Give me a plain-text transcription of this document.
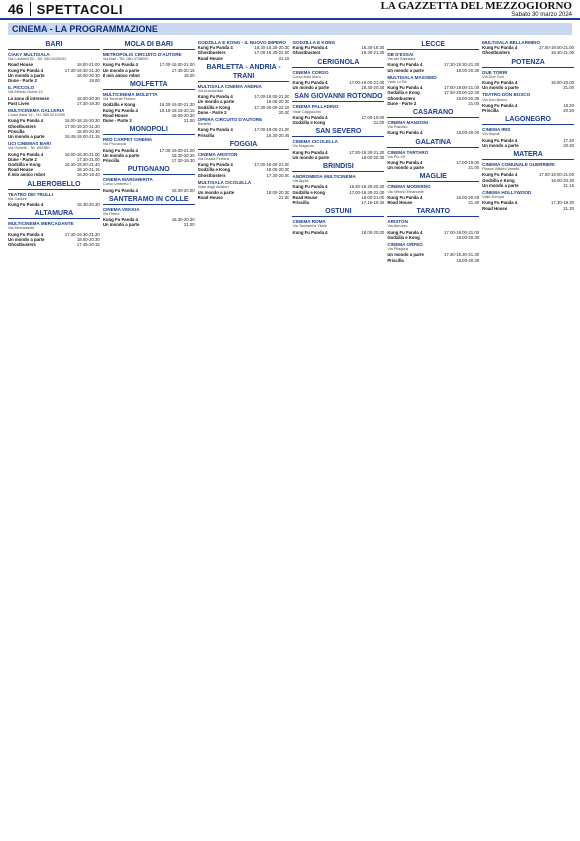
46 SPETTACOLI	LA GAZZETTA DEL MEZZOGIORNO
Sabato 30 marzo 2024
CINEMA - LA PROGRAMMAZIONE
BARI
CIAKY MULTISALA
Via Lucarelli 52 - Tel. 080.5429292
Road House	18.00-21.00
Kung Fu Panda 4	17.30-19.30-21.30
Un mondo a parte	18.00-20.30
Dune - Parte 2	19.00
IL PICCOLO
Via Alfredo Nobel 13
La zona di interesse	18.00-20.30
Past Lives	17.30-19.30
MULTICINEMA GALLERIA
Corso Italia 15 - Tel. 080.5210405
Kung Fu Panda 4	16.00-18.15-20.30
Ghostbusters	17.00-19.20-21.30
Priscilla	18.00-20.30
Un mondo a parte	16.45-19.00-21.15
UCI CINEMAS BARI
Via Gobetti - Tel. 892960
Kung Fu Panda 4	16.00-18.30-21.00
Dune - Parte 2	17.30-21.00
Godzilla e Kong	16.30-19.00-21.40
Road House	18.10-21.15
Il mio amico robot	16.20-18.40
ALBEROBELLO
TEATRO DEI TRULLI
Via Cadore
Kung Fu Panda 4	18.30-20.30
ALTAMURA
MULTICINEMA MERCADANTE
Via Mercadante
Kung Fu Panda 4	17.30-19.30-21.30
Un mondo a parte	18.00-20.30
Ghostbusters	17.45-20.15
MOLA DI BARI
METROPOLIS CIRCUITO D'AUTORE
Via Bari - Tel. 080.4738000
Kung Fu Panda 4	17.00-19.00-21.00
Un mondo a parte	17.45-20.15
Il mio amico robot	18.00
MOLFETTA
MULTICINEMA MOLETTA
Via Tenente Fiorino
Godzilla e Kong	16.30-19.00-21.30
Kung Fu Panda 4	16.15-18.15-20.15
Road House	18.00-20.30
Dune - Parte 2	21.00
MONOPOLI
RED CARPET CINEMA
Via Procaccia
Kung Fu Panda 4	17.00-19.00-21.00
Un mondo a parte	18.30-20.30
Priscilla	17.30-19.30
PUTIGNANO
CINEMA MARGHERITA
Corso Umberto I
Kung Fu Panda 4	18.00-20.00
SANTERAMO IN COLLE
CINEMA VEKKIA
Via Roma
Kung Fu Panda 4	18.30-20.30
Un mondo a parte	21.00
GODZILLA E KONG - IL NUOVO IMPERO
Kung Fu Panda 4	16.30-18.30-20.30
Ghostbusters	17.00-19.30-22.00
Road House	21.15
BARLETTA - ANDRIA - TRANI
MULTISALA CINEMA ANDRIA
Via Annunziata
Kung Fu Panda 4	17.00-19.00-21.00
Un mondo a parte	18.00-20.30
Godzilla e Kong	17.30-20.00-22.15
Dune - Parte 2	20.30
OPERA CIRCUITO D'AUTORE
Barletta
Kung Fu Panda 4	17.00-19.00-21.00
Priscilla	18.30-20.45
FOGGIA
CINEMA ARISTON
Via Grazia Ferrara
Kung Fu Panda 4	17.00-19.00-21.00
Godzilla e Kong	18.00-20.30
Ghostbusters	17.30-20.00
MULTISALA CICOLELLA
Viale degli Aviatori
Un mondo a parte	18.00-20.30
Road House	21.00
GODZILLA E KONG
Kung Fu Panda 4	16.30-18.30
Ghostbusters	19.30-21.30
CERIGNOLA
CINEMA CORSO
Corso Aldo Moro
Kung Fu Panda 4	17.00-19.00-21.00
Un mondo a parte	18.30-20.30
SAN GIOVANNI ROTONDO
CINEMA PALLADINO
Viale Cappuccini
Kung Fu Panda 4	17.00-19.00
Godzilla e Kong	21.00
SAN SEVERO
CINEMA CICOLELLA
Via Magenta
Kung Fu Panda 4	17.30-19.30-21.30
Un mondo a parte	18.00-20.30
BRINDISI
ANDROMEDA MULTICINEMA
Via Appia
Kung Fu Panda 4	16.30-18.30-20.30
Godzilla e Kong	17.00-19.30-22.00
Road House	18.00-21.00
Priscilla	17.15-19.40
OSTUNI
CINEMA ROMA
Via Tanzarella Vitale
Kung Fu Panda 4	18.00-20.00
LECCE
DB D'ESSAI
Via dei Salesiani
Kung Fu Panda 4	17.30-19.30-21.30
Un mondo a parte	18.00-20.30
MULTISALA MASSIMO
Viale Lo Re
Kung Fu Panda 4	17.00-19.00-21.00
Godzilla e Kong	17.30-20.00-22.30
Ghostbusters	18.00-20.30
Dune - Parte 2	21.00
CASARANO
CINEMA MANZONI
Via Pasubio
Kung Fu Panda 4	18.00-20.00
GALATINA
CINEMA TARTARO
Via Pio XII
Kung Fu Panda 4	17.00-19.00
Un mondo a parte	21.00
MAGLIE
CINEMA MODERNO
Via Vittorio Emanuele
Kung Fu Panda 4	18.00-20.00
Road House	21.30
TARANTO
ARISTON
Via Abruzzo
Kung Fu Panda 4	17.00-19.00-21.00
Godzilla e Kong	18.00-20.30
CINEMA ORFEO
Via Pitagora
Un mondo a parte	17.30-19.30-21.30
Priscilla	18.00-20.30
MULTISALA BELLARMINO
Kung Fu Panda 4	17.00-19.00-21.00
Ghostbusters	18.30-21.00
POTENZA
DUE TORRI
Via Due Torri
Kung Fu Panda 4	18.00-20.00
Un mondo a parte	21.00
TEATRO DON BOSCO
Via Don Bosco
Kung Fu Panda 4	18.30
Priscilla	20.30
LAGONEGRO
CINEMA IRIS
Via Napoli
Kung Fu Panda 4	17.30
Un mondo a parte	20.30
MATERA
CINEMA COMUNALE GUERRIERI
Piazza Vittorio Veneto
Kung Fu Panda 4	17.00-19.00-21.00
Godzilla e Kong	18.00-20.30
Un mondo a parte	21.15
CINEMA HOLLYWOOD
Viale Europa
Kung Fu Panda 4	17.30-19.30
Road House	21.30
